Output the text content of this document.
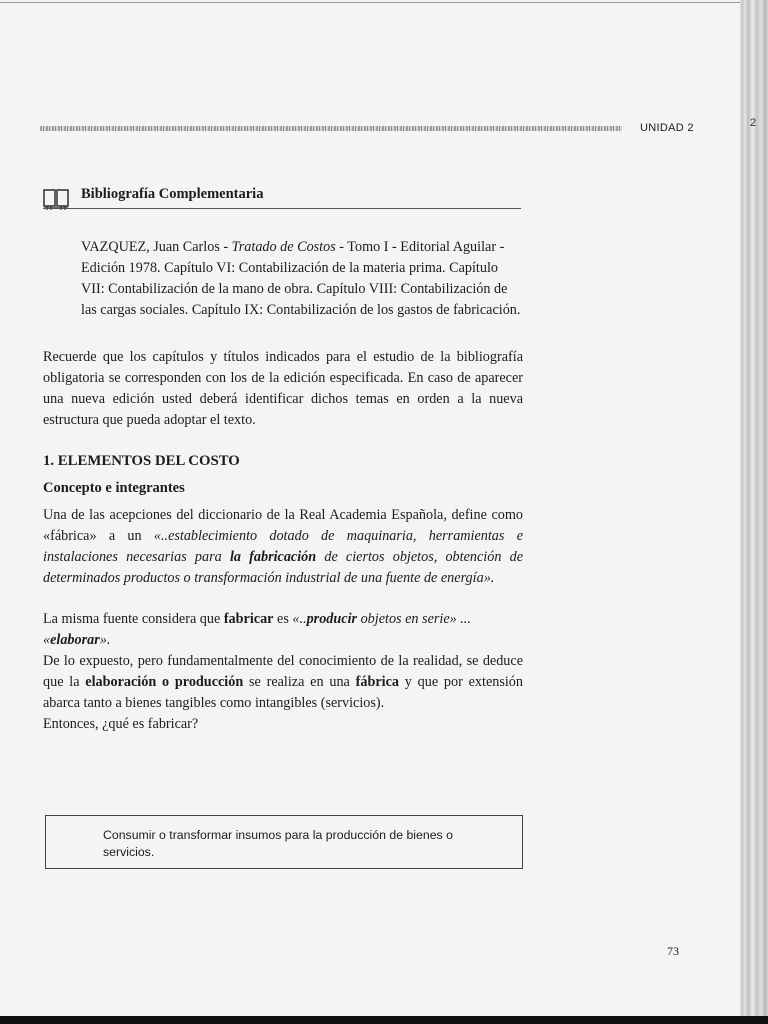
UNIDAD 2
Bibliografía Complementaria

VAZQUEZ, Juan Carlos - Tratado de Costos - Tomo I - Editorial Aguilar - Edición 1978. Capítulo VI: Contabilización de la materia prima. Capítulo VII: Contabilización de la mano de obra. Capítulo VIII: Contabilización de las cargas sociales. Capítulo IX: Contabilización de los gastos de fabricación.

Recuerde que los capítulos y títulos indicados para el estudio de la bibliografía obligatoria se corresponden con los de la edición especificada. En caso de aparecer una nueva edición usted deberá identificar dichos temas en orden a la nueva estructura que pueda adoptar el texto.

1. ELEMENTOS DEL COSTO
Concepto e integrantes

Una de las acepciones del diccionario de la Real Academia Española, define como «fábrica» a un «..establecimiento dotado de maquinaria, herramientas e instalaciones necesarias para la fabricación de ciertos objetos, obtención de determinados productos o transformación industrial de una fuente de energía».

La misma fuente considera que fabricar es «..producir objetos en serie» ... «elaborar».

De lo expuesto, pero fundamentalmente del conocimiento de la realidad, se deduce que la elaboración o producción se realiza en una fábrica y que por extensión abarca tanto a bienes tangibles como intangibles (servicios).

Entonces, ¿qué es fabricar?

Consumir o transformar insumos para la producción de bienes o servicios.

73
2
